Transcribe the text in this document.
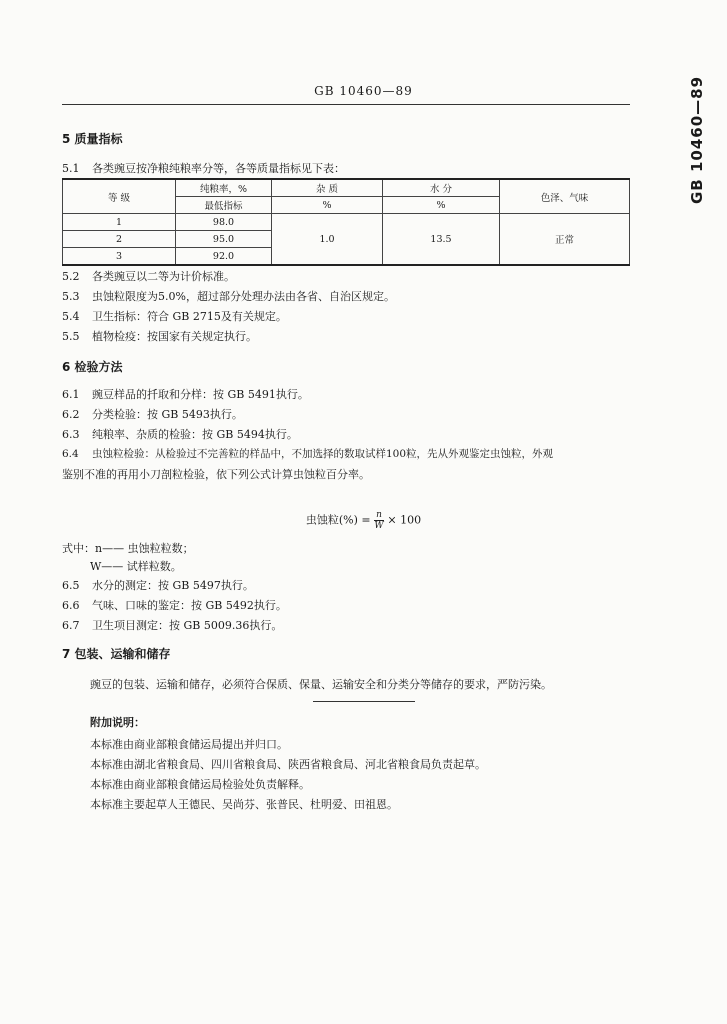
GB 10460—89	GB 10460—89
5 质量指标
5.1 各类豌豆按净粮纯粮率分等，各等质量指标见下表：
等 级	纯粮率，%	杂 质	水 分	色泽、气味
	最低指标	%	%	
1	98.0	1.0	13.5	正常
2	95.0			
3	92.0			
5.2 各类豌豆以二等为计价标准。
5.3 虫蚀粒限度为5.0%，超过部分处理办法由各省、自治区规定。
5.4 卫生指标：符合 GB 2715及有关规定。
5.5 植物检疫：按国家有关规定执行。
6 检验方法
6.1 豌豆样品的扦取和分样：按 GB 5491执行。
6.2 分类检验：按 GB 5493执行。
6.3 纯粮率、杂质的检验：按 GB 5494执行。
6.4 虫蚀粒检验：从检验过不完善粒的样品中，不加选择的数取试样100粒，先从外观鉴定虫蚀粒，外观
鉴别不准的再用小刀剖粒检验，依下列公式计算虫蚀粒百分率。
虫蚀粒(%) = $\frac{n}{W} \times 100$
式中：n—— 虫蚀粒粒数；
W—— 试样粒数。
6.5 水分的测定：按 GB 5497执行。
6.6 气味、口味的鉴定：按 GB 5492执行。
6.7 卫生项目测定：按 GB 5009.36执行。
7 包装、运输和储存
豌豆的包装、运输和储存，必须符合保质、保量、运输安全和分类分等储存的要求，严防污染。
附加说明：
本标准由商业部粮食储运局提出并归口。
本标准由湖北省粮食局、四川省粮食局、陕西省粮食局、河北省粮食局负责起草。
本标准由商业部粮食储运局检验处负责解释。
本标准主要起草人王德民、吴尚芬、张普民、杜明爱、田祖恩。
